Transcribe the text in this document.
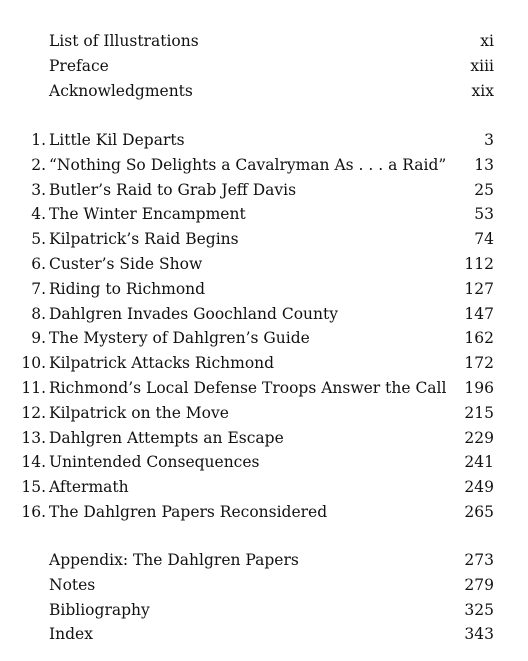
List of Illustrations	xi
Preface	xiii
Acknowledgments	xix
1. Little Kil Departs	3
2. “Nothing So Delights a Cavalryman As . . . a Raid” 13
3. Butler’s Raid to Grab Jeff Davis	25
4. The Winter Encampment	53
5. Kilpatrick’s Raid Begins	74
6. Custer’s Side Show	112
7. Riding to Richmond	127
8. Dahlgren Invades Goochland County	147
9. The Mystery of Dahlgren’s Guide	162
10. Kilpatrick Attacks Richmond	172
11. Richmond’s Local Defense Troops Answer the Call 196
12. Kilpatrick on the Move	215
13. Dahlgren Attempts an Escape	229
14. Unintended Consequences	241
15. Aftermath	249
16. The Dahlgren Papers Reconsidered	265
Appendix: The Dahlgren Papers	273
Notes	279
Bibliography	325
Index	343
